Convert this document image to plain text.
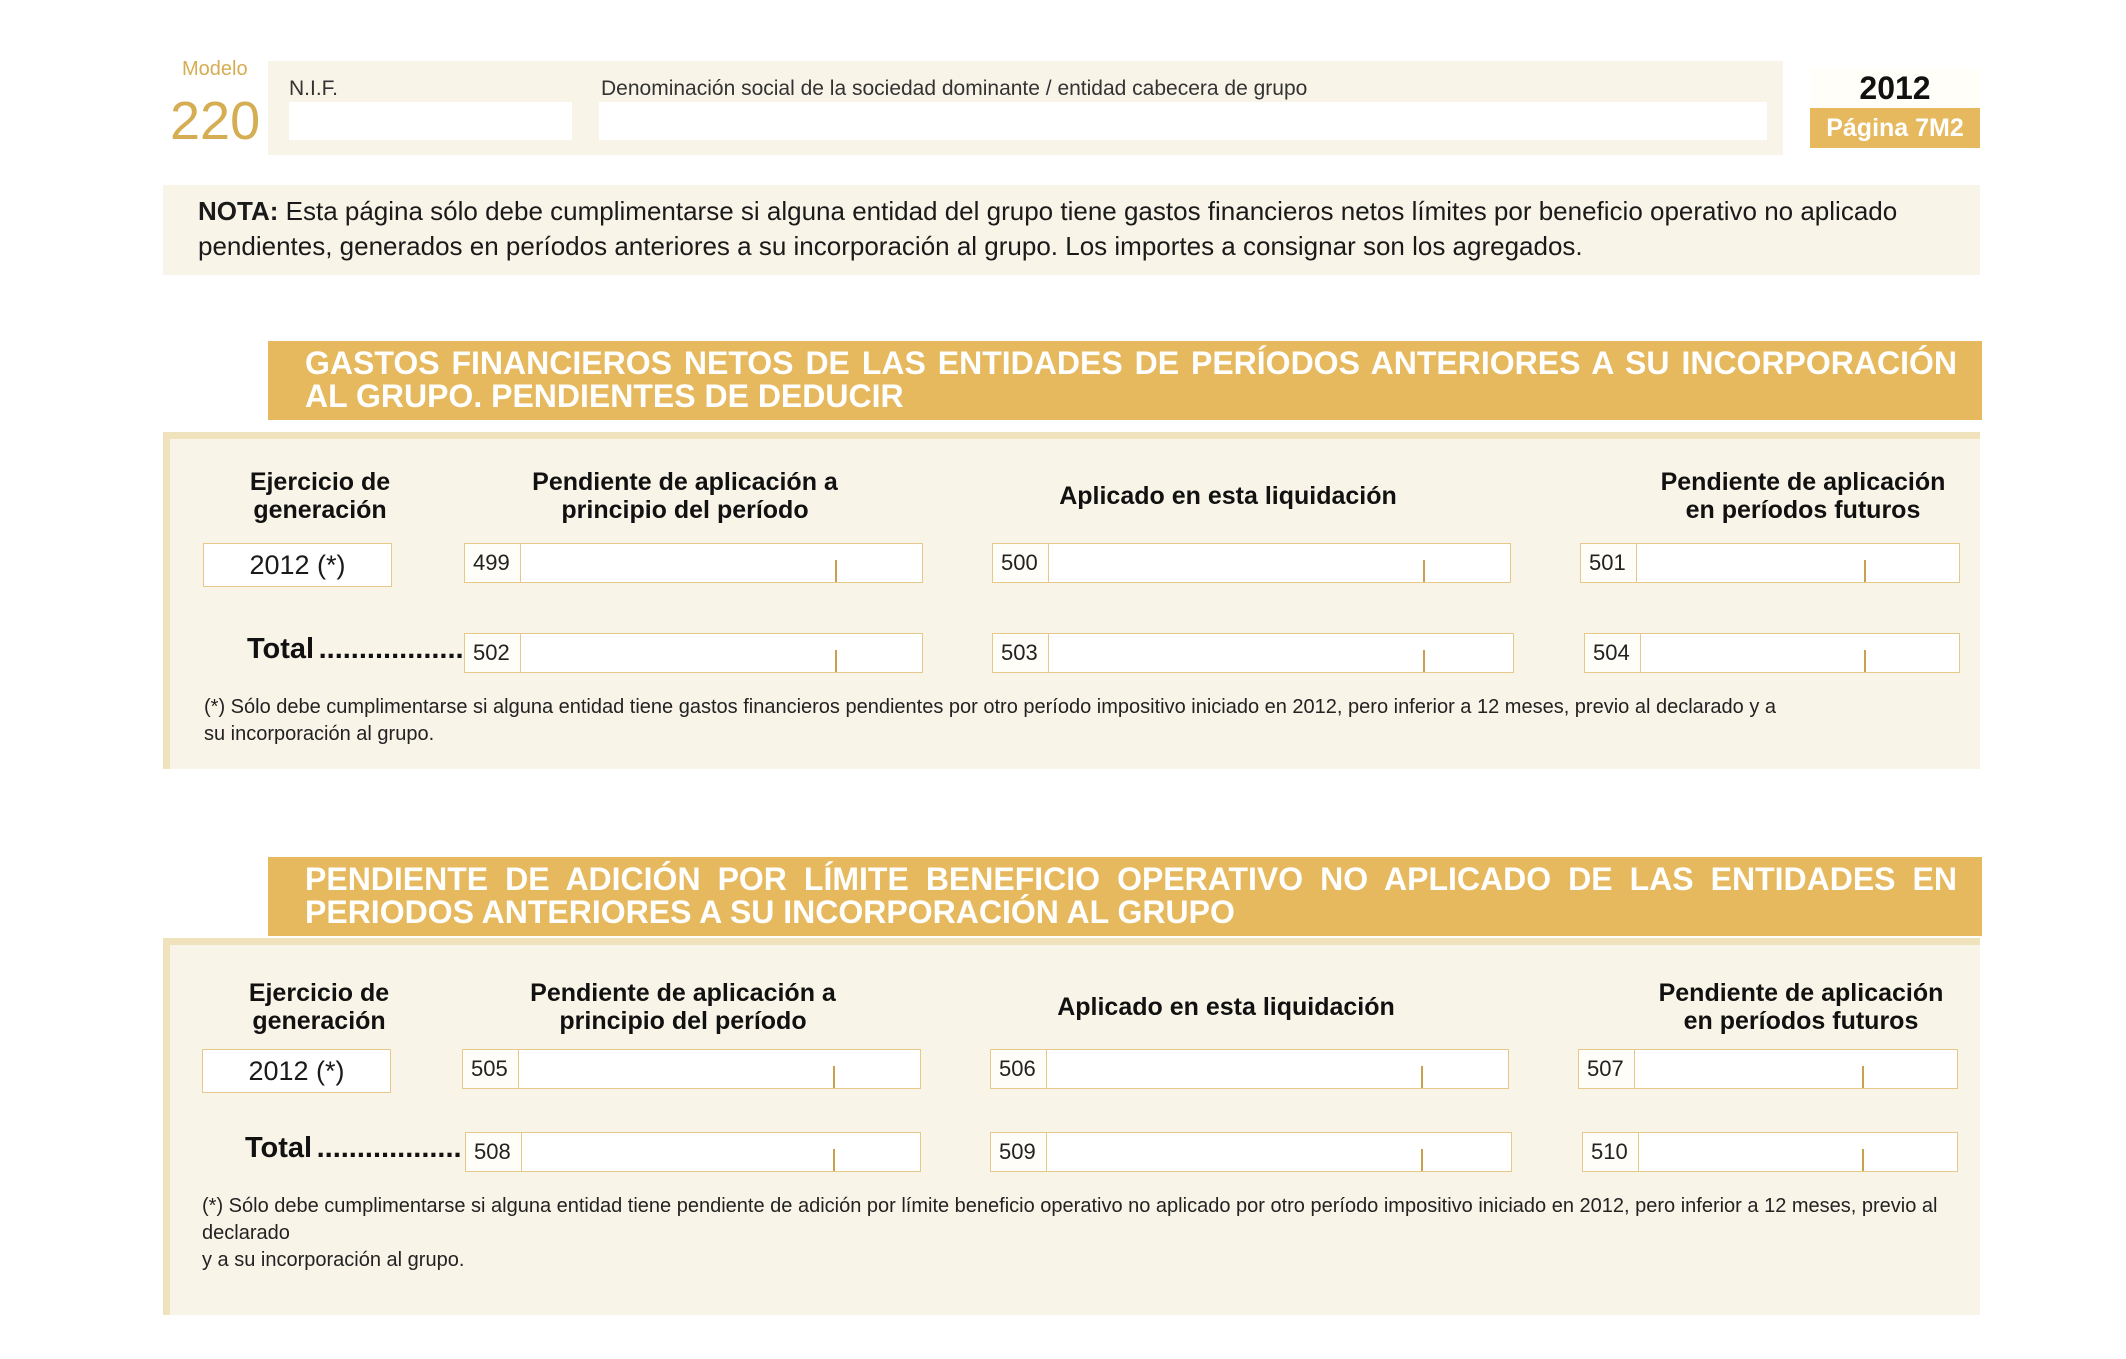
Modelo
220
N.I.F.	Denominación social de la sociedad dominante / entidad cabecera de grupo	2012
Página 7M2
NOTA: Esta página sólo debe cumplimentarse si alguna entidad del grupo tiene gastos financieros netos límites por beneficio operativo no aplicado pendientes, generados en períodos anteriores a su incorporación al grupo. Los importes a consignar son los agregados.
GASTOS FINANCIEROS NETOS DE LAS ENTIDADES DE PERÍODOS ANTERIORES A SU INCORPORACIÓN AL GRUPO. PENDIENTES DE DEDUCIR
Ejercicio de
generación
Pendiente de aplicación a
principio del período	Aplicado en esta liquidación	Pendiente de aplicación
en períodos futuros
2012 (*)	499	500	501
Total .................. 502	503	504
(*) Sólo debe cumplimentarse si alguna entidad tiene gastos financieros pendientes por otro período impositivo iniciado en 2012, pero inferior a 12 meses, previo al declarado y a
su incorporación al grupo.
PENDIENTE DE ADICIÓN POR LÍMITE BENEFICIO OPERATIVO NO APLICADO DE LAS ENTIDADES EN PERIODOS ANTERIORES A SU INCORPORACIÓN AL GRUPO
Ejercicio de
generación
Pendiente de aplicación a
principio del período	Aplicado en esta liquidación	Pendiente de aplicación
en períodos futuros
2012 (*)	505	506	507
Total .................. 508	509	510
(*) Sólo debe cumplimentarse si alguna entidad tiene pendiente de adición por límite beneficio operativo no aplicado por otro período impositivo iniciado en 2012, pero inferior a 12 meses, previo al declarado
y a su incorporación al grupo.
